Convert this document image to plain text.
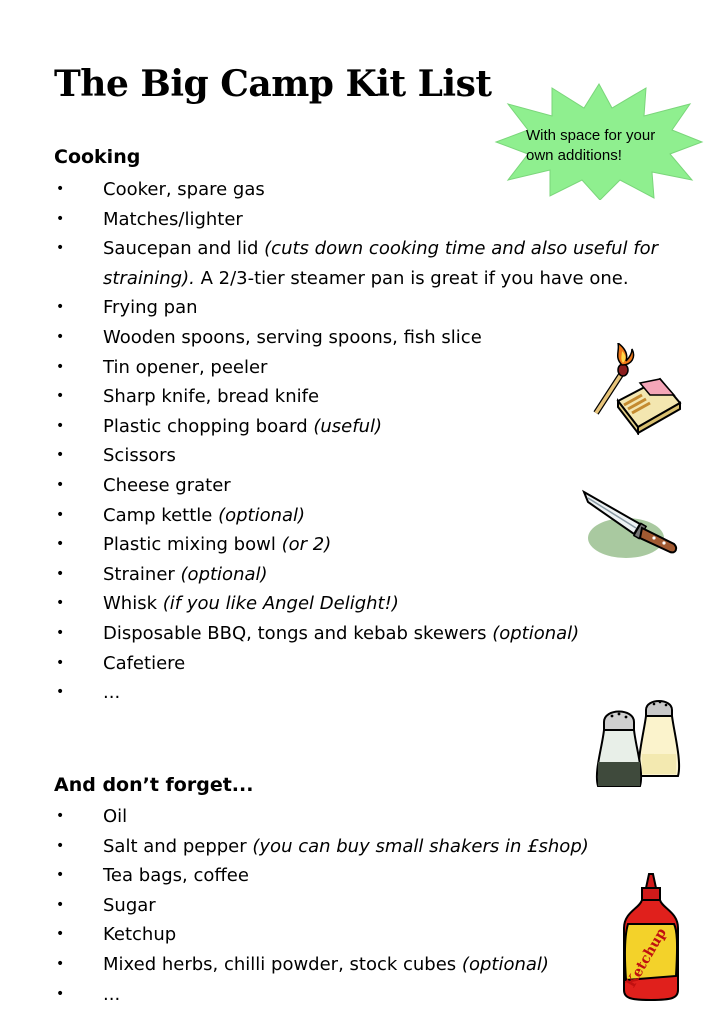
The Big Camp Kit List
With space for your
own additions!
Cooking
• Cooker, spare gas
• Matches/lighter
• Saucepan and lid (cuts down cooking time and also useful for straining). A 2/3-tier steamer pan is great if you have one.
• Frying pan
• Wooden spoons, serving spoons, fish slice
• Tin opener, peeler
• Sharp knife, bread knife
• Plastic chopping board (useful)
• Scissors
• Cheese grater
• Camp kettle (optional)
• Plastic mixing bowl (or 2)
• Strainer (optional)
• Whisk (if you like Angel Delight!)
• Disposable BBQ, tongs and kebab skewers (optional)
• Cafetiere
• ...
And don’t forget...
• Oil
• Salt and pepper (you can buy small shakers in £shop)
• Tea bags, coffee
• Sugar
• Ketchup
• Mixed herbs, chilli powder, stock cubes (optional)
• ...
Ketchup
